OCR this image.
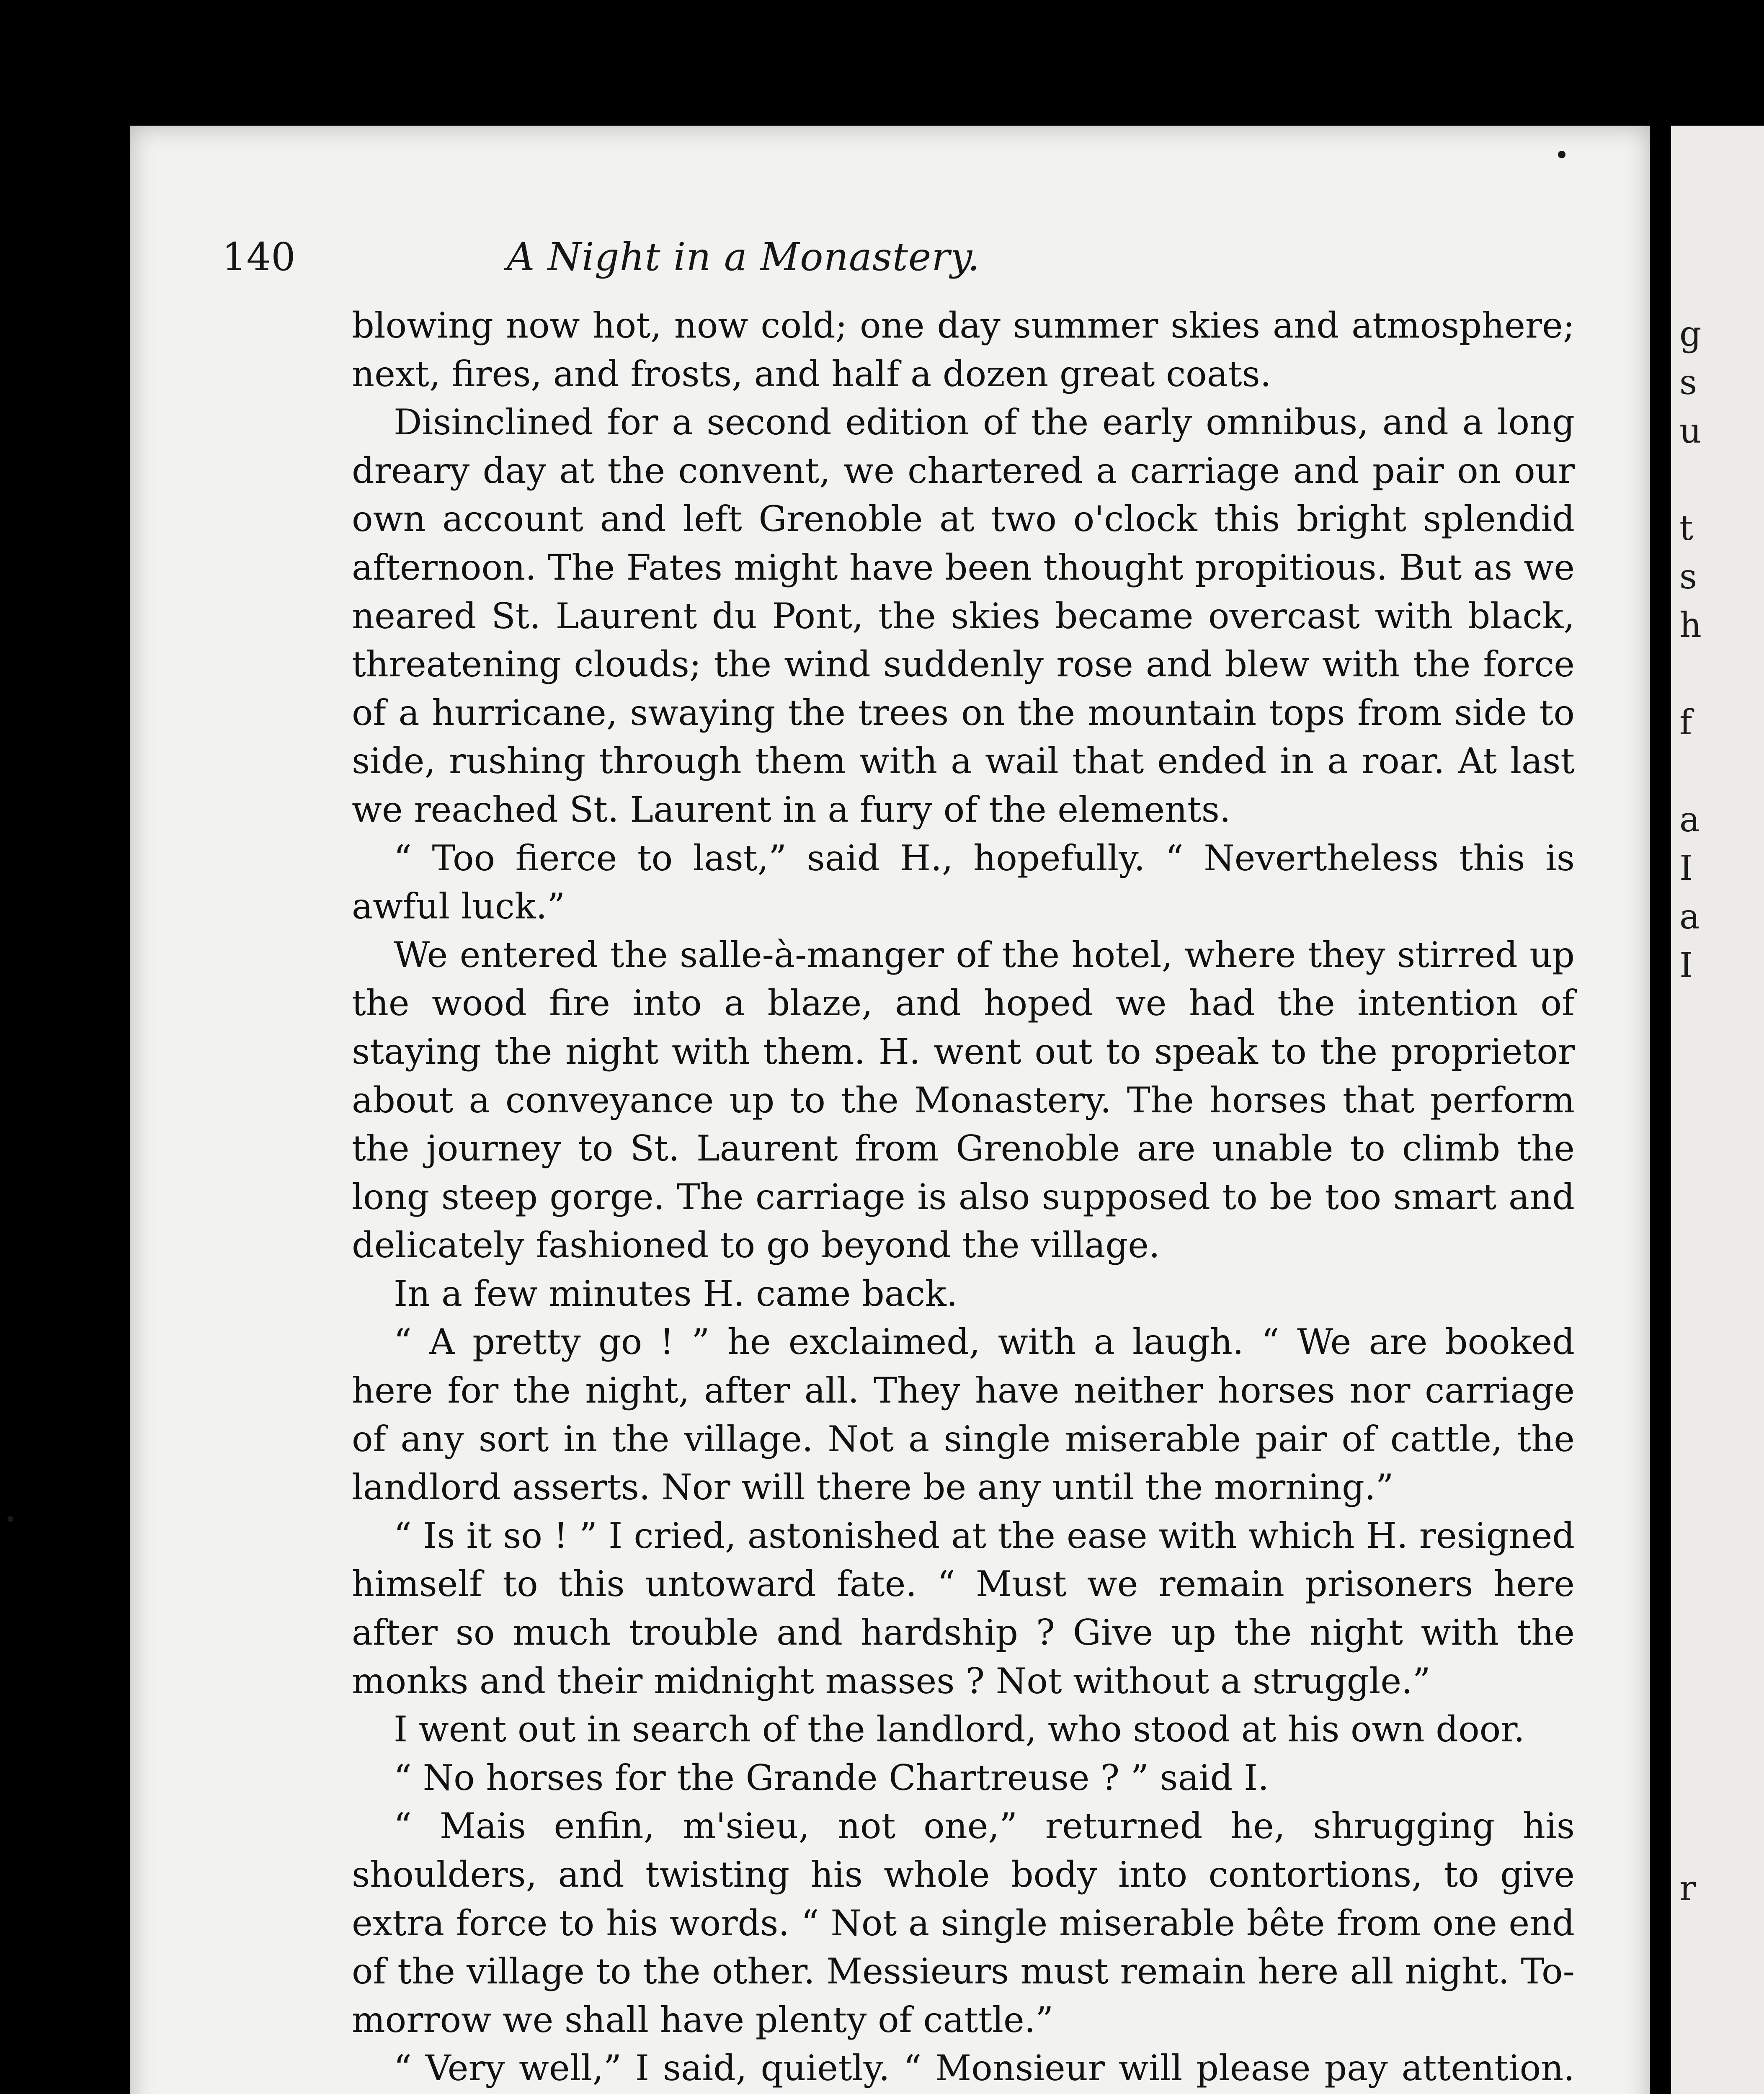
g
s
u
t
s
h
f
a
I
a
I
r
140	A Night in a Monastery.

blowing now hot, now cold; one day summer skies and atmosphere; next, fires, and frosts, and half a dozen great coats.

Disinclined for a second edition of the early omnibus, and a long dreary day at the convent, we chartered a carriage and pair on our own account and left Grenoble at two o'clock this bright splendid afternoon. The Fates might have been thought propitious. But as we neared St. Laurent du Pont, the skies became overcast with black, threatening clouds; the wind suddenly rose and blew with the force of a hurricane, swaying the trees on the mountain tops from side to side, rushing through them with a wail that ended in a roar. At last we reached St. Laurent in a fury of the elements.

“ Too fierce to last,” said H., hopefully. “ Nevertheless this is awful luck.”

We entered the salle-à-manger of the hotel, where they stirred up the wood fire into a blaze, and hoped we had the intention of staying the night with them. H. went out to speak to the proprietor about a conveyance up to the Monastery. The horses that perform the journey to St. Laurent from Grenoble are unable to climb the long steep gorge. The carriage is also supposed to be too smart and delicately fashioned to go beyond the village.

In a few minutes H. came back.

“ A pretty go ! ” he exclaimed, with a laugh. “ We are booked here for the night, after all. They have neither horses nor carriage of any sort in the village. Not a single miserable pair of cattle, the landlord asserts. Nor will there be any until the morning.”

“ Is it so ! ” I cried, astonished at the ease with which H. resigned himself to this untoward fate. “ Must we remain prisoners here after so much trouble and hardship ? Give up the night with the monks and their midnight masses ? Not without a struggle.”

I went out in search of the landlord, who stood at his own door.

“ No horses for the Grande Chartreuse ? ” said I.

“ Mais enfin, m'sieu, not one,” returned he, shrugging his shoulders, and twisting his whole body into contortions, to give extra force to his words. “ Not a single miserable bête from one end of the village to the other. Messieurs must remain here all night. To-morrow we shall have plenty of cattle.”

“ Very well,” I said, quietly. “ Monsieur will please pay attention.
